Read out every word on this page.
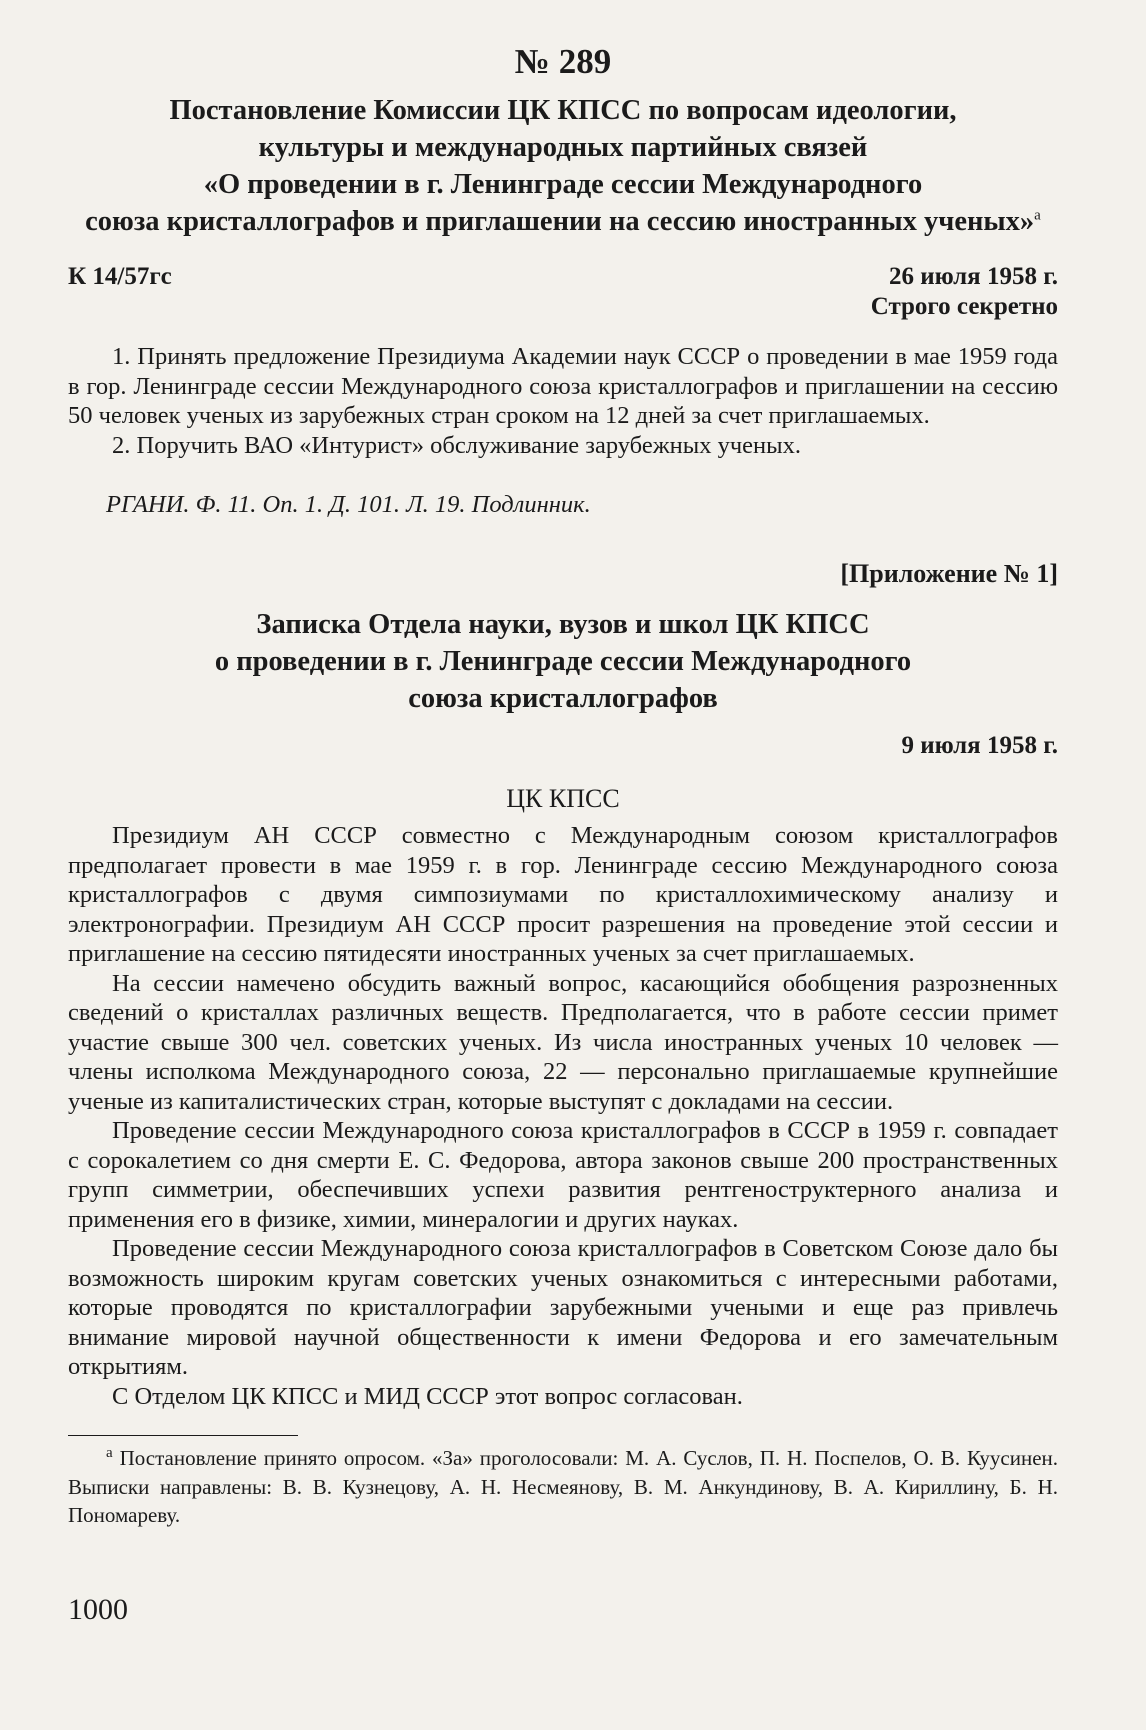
№ 289
Постановление Комиссии ЦК КПСС по вопросам идеологии,
культуры и международных партийных связей
«О проведении в г. Ленинграде сессии Международного
союза кристаллографов и приглашении на сессию иностранных ученых»$^а$
К 14/57гс	26 июля 1958 г.
Строго секретно

1. Принять предложение Президиума Академии наук СССР о проведении в мае 1959 года в гор. Ленинграде сессии Международного союза кристаллографов и приглашении на сессию 50 человек ученых из зарубежных стран сроком на 12 дней за счет приглашаемых.

2. Поручить ВАО «Интурист» обслуживание зарубежных ученых.

РГАНИ. Ф. 11. Оп. 1. Д. 101. Л. 19. Подлинник.
[Приложение № 1]
Записка Отдела науки, вузов и школ ЦК КПСС
о проведении в г. Ленинграде сессии Международного
союза кристаллографов
9 июля 1958 г.
ЦК КПСС

Президиум АН СССР совместно с Международным союзом кристаллографов предполагает провести в мае 1959 г. в гор. Ленинграде сессию Международного союза кристаллографов с двумя симпозиумами по кристаллохимическому анализу и электронографии. Президиум АН СССР просит разрешения на проведение этой сессии и приглашение на сессию пятидесяти иностранных ученых за счет приглашаемых.

На сессии намечено обсудить важный вопрос, касающийся обобщения разрозненных сведений о кристаллах различных веществ. Предполагается, что в работе сессии примет участие свыше 300 чел. советских ученых. Из числа иностранных ученых 10 человек — члены исполкома Международного союза, 22 — персонально приглашаемые крупнейшие ученые из капиталистических стран, которые выступят с докладами на сессии.

Проведение сессии Международного союза кристаллографов в СССР в 1959 г. совпадает с сорокалетием со дня смерти Е. С. Федорова, автора законов свыше 200 пространственных групп симметрии, обеспечивших успехи развития рентгеноструктерного анализа и применения его в физике, химии, минералогии и других науках.

Проведение сессии Международного союза кристаллографов в Советском Союзе дало бы возможность широким кругам советских ученых ознакомиться с интересными работами, которые проводятся по кристаллографии зарубежными учеными и еще раз привлечь внимание мировой научной общественности к имени Федорова и его замечательным открытиям.

С Отделом ЦК КПСС и МИД СССР этот вопрос согласован.

$^а$ Постановление принято опросом. «За» проголосовали: М. А. Суслов, П. Н. Поспелов, О. В. Куусинен. Выписки направлены: В. В. Кузнецову, А. Н. Несмеянову, В. М. Анкундинову, В. А. Кириллину, Б. Н. Пономареву.
1000
